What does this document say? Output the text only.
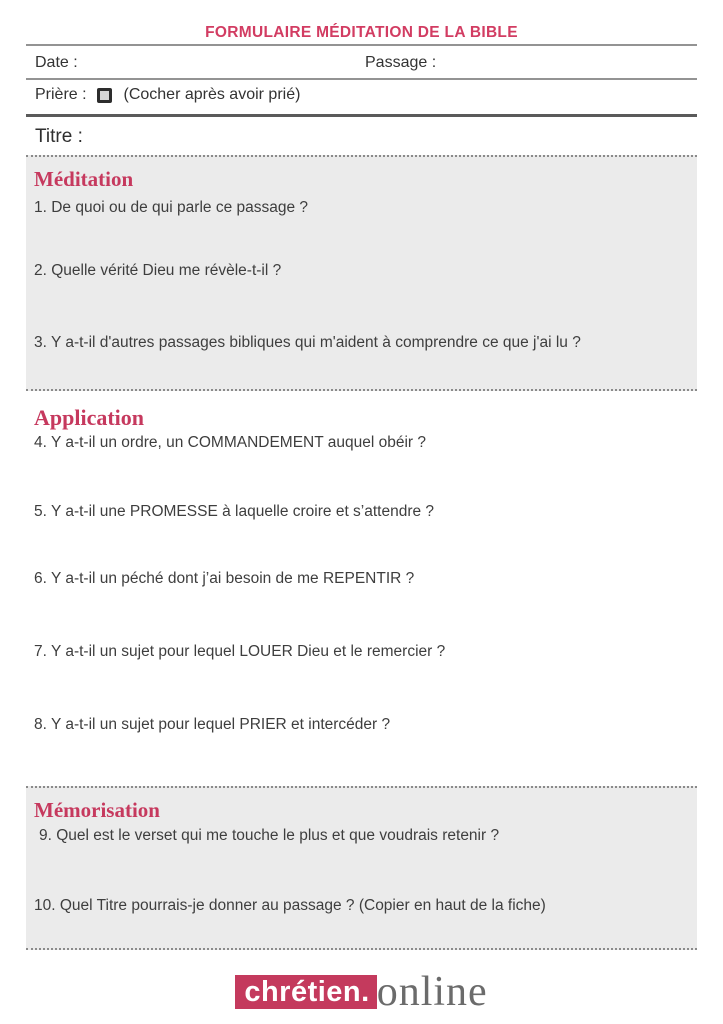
FORMULAIRE MÉDITATION DE LA BIBLE
Date :	Passage :
Prière : (Cocher après avoir prié)
Titre :
Méditation

1. De quoi ou de qui parle ce passage ?

2. Quelle vérité Dieu me révèle-t-il ?

3. Y a-t-il d'autres passages bibliques qui m'aident à comprendre ce que j'ai lu ?

Application

4. Y a-t-il un ordre, un COMMANDEMENT auquel obéir ?

5. Y a-t-il une PROMESSE à laquelle croire et s’attendre ?

6. Y a-t-il un péché dont j’ai besoin de me REPENTIR ?

7. Y a-t-il un sujet pour lequel LOUER Dieu et le remercier ?

8. Y a-t-il un sujet pour lequel PRIER et intercéder ?

Mémorisation

9. Quel est le verset qui me touche le plus et que voudrais retenir ?

10. Quel Titre pourrais-je donner au passage ? (Copier en haut de la fiche)

chrétien. online
